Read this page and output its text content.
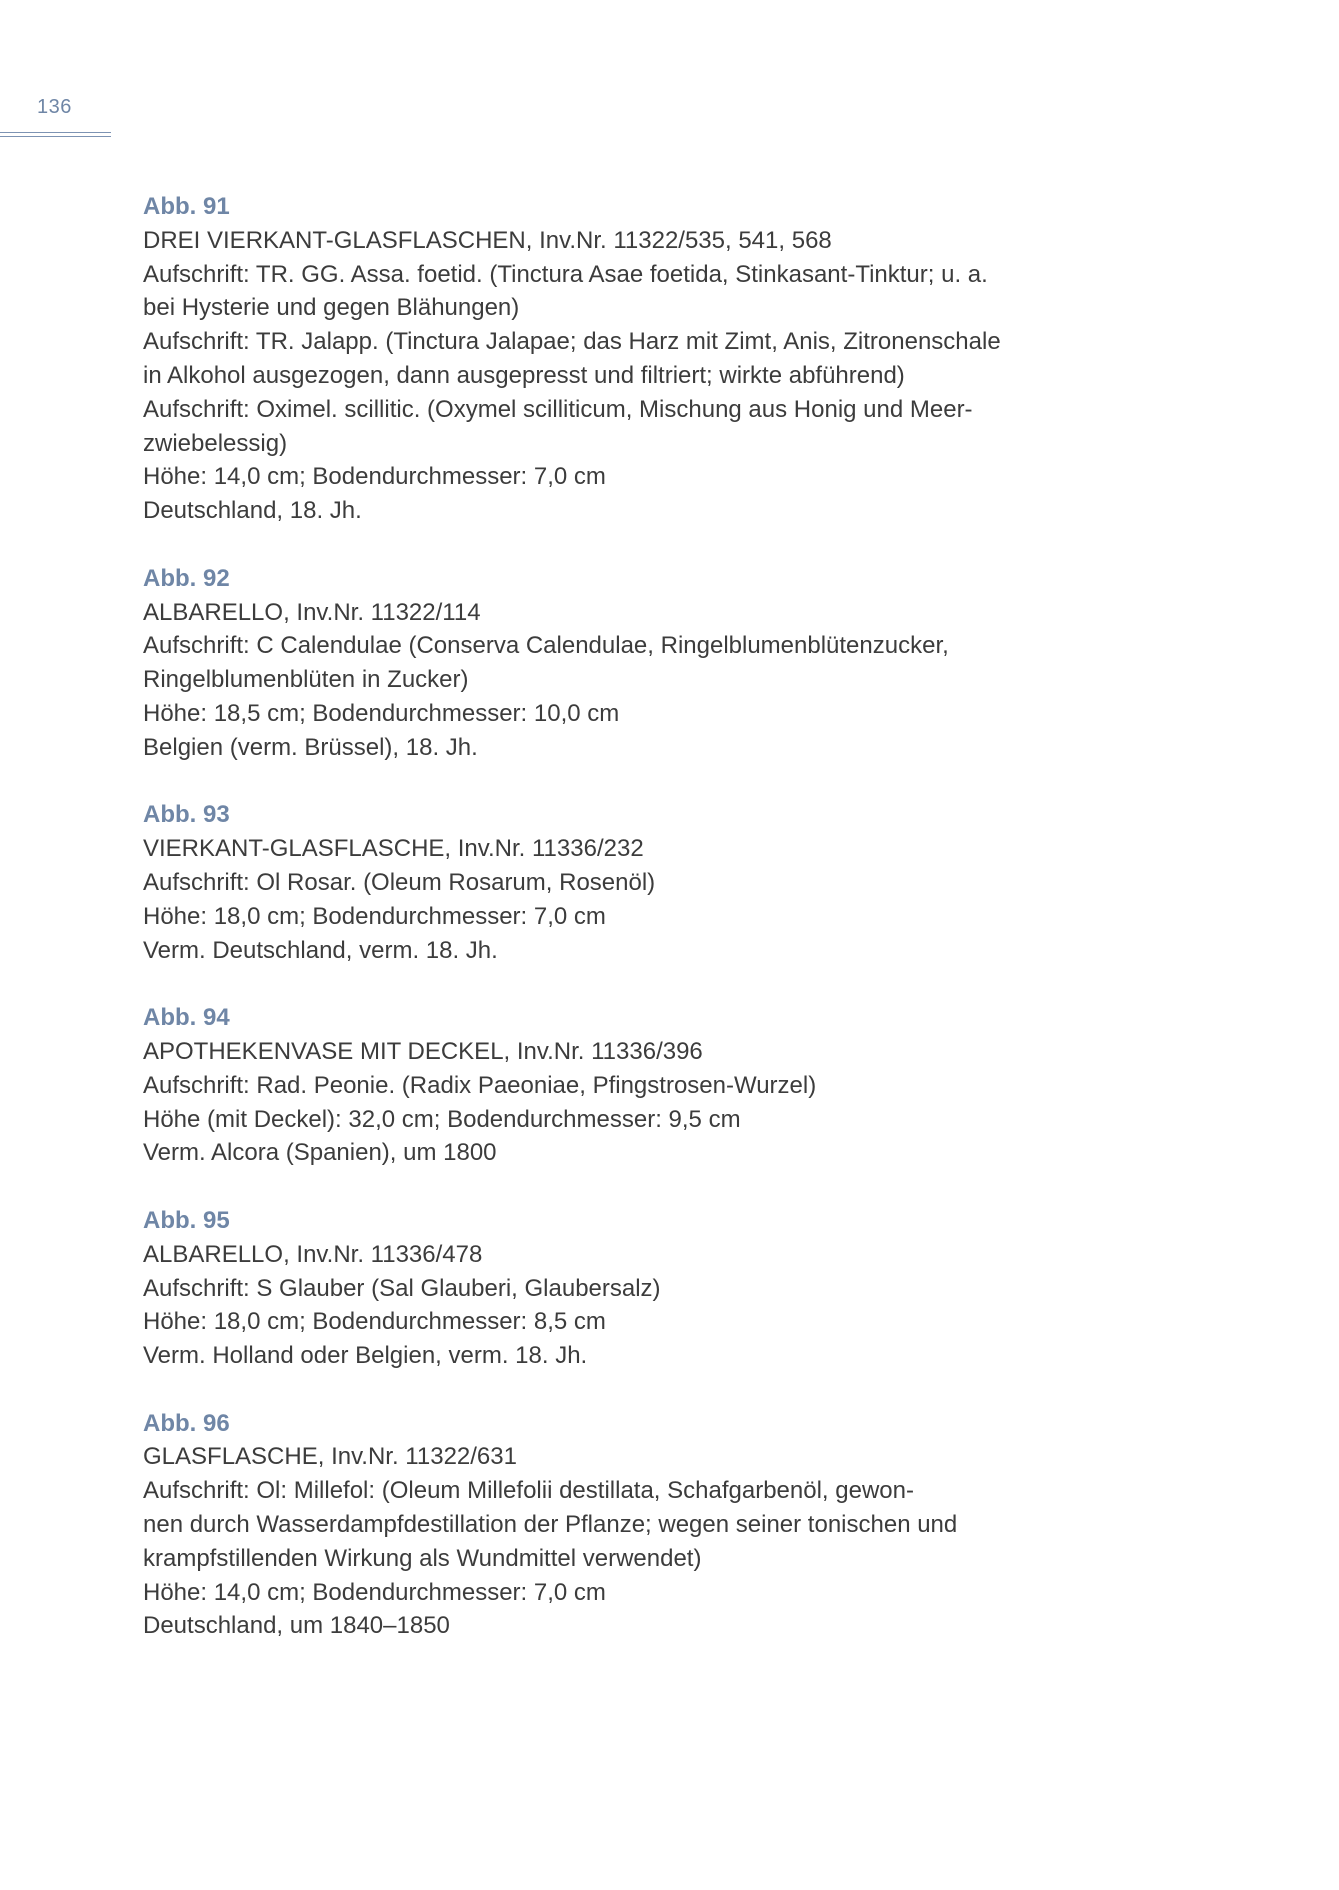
136
Abb. 91
DREI VIERKANT-GLASFLASCHEN, Inv.Nr. 11322/535, 541, 568
Aufschrift: TR. GG. Assa. foetid. (Tinctura Asae foetida, Stinkasant-Tinktur; u. a.
bei Hysterie und gegen Blähungen)
Aufschrift: TR. Jalapp. (Tinctura Jalapae; das Harz mit Zimt, Anis, Zitronenschale
in Alkohol ausgezogen, dann ausgepresst und filtriert; wirkte abführend)
Aufschrift: Oximel. scillitic. (Oxymel scilliticum, Mischung aus Honig und Meer-
zwiebelessig)
Höhe: 14,0 cm; Bodendurchmesser: 7,0 cm
Deutschland, 18. Jh.
Abb. 92
ALBARELLO, Inv.Nr. 11322/114
Aufschrift: C Calendulae (Conserva Calendulae, Ringelblumenblütenzucker,
Ringelblumenblüten in Zucker)
Höhe: 18,5 cm; Bodendurchmesser: 10,0 cm
Belgien (verm. Brüssel), 18. Jh.
Abb. 93
VIERKANT-GLASFLASCHE, Inv.Nr. 11336/232
Aufschrift: Ol Rosar. (Oleum Rosarum, Rosenöl)
Höhe: 18,0 cm; Bodendurchmesser: 7,0 cm
Verm. Deutschland, verm. 18. Jh.
Abb. 94
APOTHEKENVASE MIT DECKEL, Inv.Nr. 11336/396
Aufschrift: Rad. Peonie. (Radix Paeoniae, Pfingstrosen-Wurzel)
Höhe (mit Deckel): 32,0 cm; Bodendurchmesser: 9,5 cm
Verm. Alcora (Spanien), um 1800
Abb. 95
ALBARELLO, Inv.Nr. 11336/478
Aufschrift: S Glauber (Sal Glauberi, Glaubersalz)
Höhe: 18,0 cm; Bodendurchmesser: 8,5 cm
Verm. Holland oder Belgien, verm. 18. Jh.
Abb. 96
GLASFLASCHE, Inv.Nr. 11322/631
Aufschrift: Ol: Millefol: (Oleum Millefolii destillata, Schafgarbenöl, gewon-
nen durch Wasserdampfdestillation der Pflanze; wegen seiner tonischen und
krampfstillenden Wirkung als Wundmittel verwendet)
Höhe: 14,0 cm; Bodendurchmesser: 7,0 cm
Deutschland, um 1840–1850
